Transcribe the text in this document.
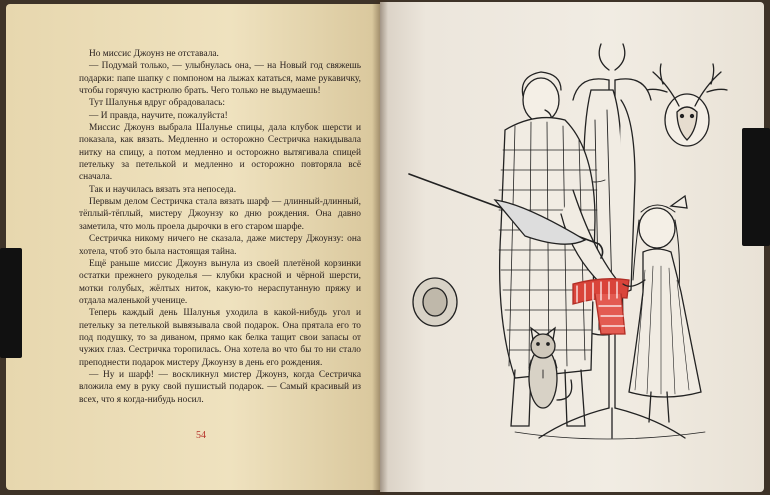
Но миссис Джоунз не отставала.

— Подумай только, — улыбнулась она, — на Новый год свяжешь подарки: папе шапку с помпоном на лыжах кататься, маме рукавичку, чтобы горячую кастрюлю брать. Чего только не выдумаешь!

Тут Шалунья вдруг обрадовалась:

— И правда, научите, пожалуйста!

Миссис Джоунз выбрала Шалунье спицы, дала клубок шерсти и показала, как вязать. Медленно и осторожно Сестричка накидывала нитку на спицу, а потом медленно и осторожно вытягивала спицей петельку за петелькой и медленно и осторожно повторяла всё сначала.

Так и научилась вязать эта непоседа.

Первым делом Сестричка стала вязать шарф — длинный-длинный, тёплый-тёплый, мистеру Джоунзу ко дню рождения. Она давно заметила, что моль проела дырочки в его старом шарфе.

Сестричка никому ничего не сказала, даже мистеру Джоунзу: она хотела, чтоб это была настоящая тайна.

Ещё раньше миссис Джоунз вынула из своей плетёной корзинки остатки прежнего рукоделья — клубки красной и чёрной шерсти, мотки голубых, жёлтых ниток, какую-то нераспутанную пряжу и отдала маленькой ученице.

Теперь каждый день Шалунья уходила в какой-нибудь угол и петельку за петелькой вывязывала свой подарок. Она прятала его то под подушку, то за диваном, прямо как белка тащит свои запасы от чужих глаз. Сестричка торопилась. Она хотела во что бы то ни стало преподнести подарок мистеру Джоунзу в день его рождения.

— Ну и шарф! — воскликнул мистер Джоунз, когда Сестричка вложила ему в руку свой пушистый подарок. — Самый красивый из всех, что я когда-нибудь носил.

54
